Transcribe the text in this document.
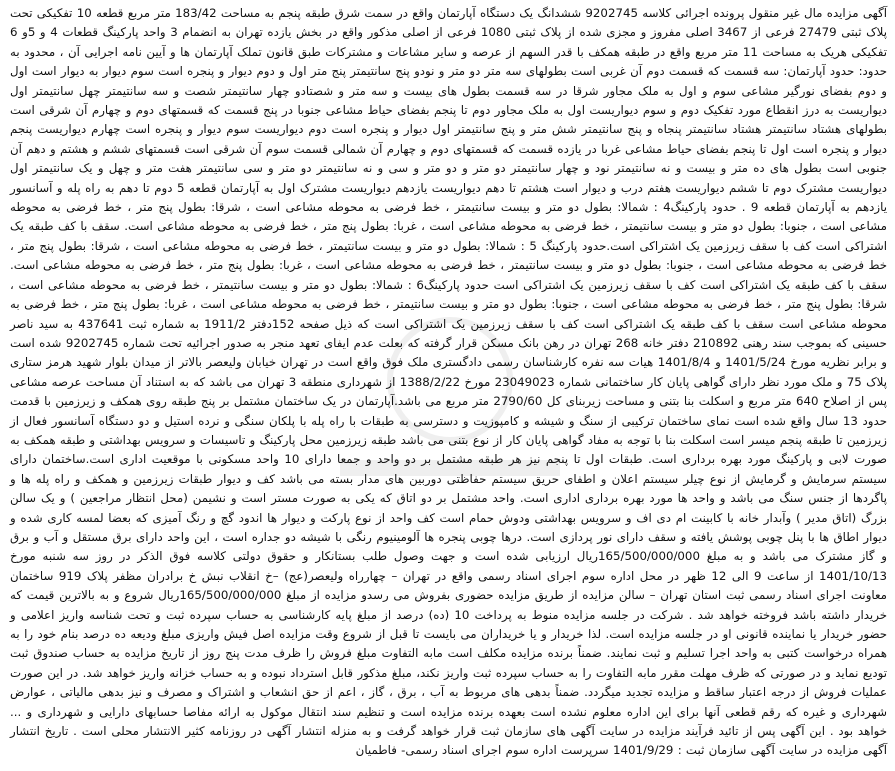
آگهی مزایده مال غیر منقول پرونده اجرائی کلاسه 9202745 ششدانگ یک دستگاه آپارتمان واقع در سمت شرق طبقه پنجم به مساحت 183/42 متر مربع قطعه 10 تفکیکی تحت پلاک ثبتی 27479 فرعی از 3467 اصلی مفروز و مجزی شده از پلاک ثبتی 1080 فرعی از اصلی مذکور واقع در بخش یازده تهران به انضمام 3 واحد پارکینگ قطعات 4 و 5و 6 تفکیکی هریک به مساحت 11 متر مربع واقع در طبقه همکف با قدر السهم از عرصه و سایر مشاعات و مشترکات طبق قانون تملک آپارتمان ها و آیین نامه اجرایی آن ، محدود به حدود: حدود آپارتمان: سه قسمت که قسمت دوم آن غربی است بطولهای سه متر دو متر و نودو پنج سانتیمتر پنج متر اول و دوم دیوار و پنجره است سوم دیوار به دیوار است اول و دوم بفضای نورگیر مشاعی سوم و اول به ملک مجاور شرقا در سه قسمت بطول های بیست و سه متر و شصتادو چهار سانتیمتر شصت و سه سانتیمتر چهل سانتیمتر اول دیواریست به درز انقطاع مورد تفکیک دوم و سوم دیواریست اول به ملک مجاور دوم تا پنجم بفضای حیاط مشاعی جنوبا در پنج قسمت که قسمتهای دوم و چهارم آن شرقی است بطولهای هشتاد سانتیمتر هشتاد سانتیمتر پنجاه و پنج سانتیمتر شش متر و پنج سانتیمتر اول دیوار و پنجره است دوم دیواریست سوم دیوار و پنجره است چهارم دیواریست پنجم دیوار و پنجره است اول تا پنجم بفضای حیاط مشاعی غربا در یازده قسمت که قسمتهای دوم و چهارم آن شمالی قسمت سوم آن شرقی است قسمتهای ششم و هشتم و دهم آن جنوبی است بطول های ده متر و بیست و نه سانتیمتر نود و چهار سانتیمتر دو متر و دو متر و سی و نه سانتیمتر دو متر و سی سانتیمتر هفت متر و چهل و یک سانتیمتر اول دیواریست مشترک دوم تا ششم دیواریست هفتم درب و دیوار است هشتم تا دهم دیواریست یازدهم دیواریست مشترک اول به آپارتمان قطعه 5 دوم تا دهم به راه پله و آسانسور یازدهم به آپارتمان قطعه 9 . حدود پارکینگ4 : شمالا: بطول دو متر و بیست سانتیمتر ، خط فرضی به محوطه مشاعی است ، شرقا: بطول پنج متر ، خط فرضی به محوطه مشاعی است ، جنوبا: بطول دو متر و بیست سانتیمتر ، خط فرضی به محوطه مشاعی است ، غربا: بطول پنج متر ، خط فرضی به محوطه مشاعی است. سقف با کف طبقه یک اشتراکی است کف با سقف زیرزمین یک اشتراکی است.حدود پارکینگ 5 : شمالا: بطول دو متر و بیست سانتیمتر ، خط فرضی به محوطه مشاعی است ، شرقا: بطول پنج متر ، خط فرضی به محوطه مشاعی است ، جنوبا: بطول دو متر و بیست سانتیمتر ، خط فرضی به محوطه مشاعی است ، غربا: بطول پنج متر ، خط فرضی به محوطه مشاعی است. سقف با کف طبقه یک اشتراکی است کف با سقف زیرزمین یک اشتراکی است حدود پارکینگ6 : شمالا: بطول دو متر و بیست سانتیمتر ، خط فرضی به محوطه مشاعی است ، شرقا: بطول پنج متر ، خط فرضی به محوطه مشاعی است ، جنوبا: بطول دو متر و بیست سانتیمتر ، خط فرضی به محوطه مشاعی است ، غربا: بطول پنج متر ، خط فرضی به محوطه مشاعی است سقف با کف طبقه یک اشتراکی است کف با سقف زیرزمین یک اشتراکی است که ذیل صفحه 152دفتر 1911/2 به شماره ثبت 437641 به سید ناصر حسینی که بموجب سند رهنی 210892 دفتر خانه 268 تهران در رهن بانک مسکن قرار گرفته که بعلت عدم ایفای تعهد منجر به صدور اجرائیه تحت شماره 9202745 شده است و برابر نظریه مورخ 1401/5/24 و 1401/8/4 هیات سه نفره کارشناسان رسمی دادگستری ملک فوق واقع است در تهران خیابان ولیعصر بالاتر از میدان بلوار شهید هرمز ستاری پلاک 75 و ملک مورد نظر دارای گواهی پایان کار ساختمانی شماره 23049023 مورخ 1388/2/22 از شهرداری منطقه 3 تهران می باشد که به استناد آن مساحت عرصه مشاعی پس از اصلاح 640 متر مربع و اسکلت بنا بتنی و مساحت زیربنای کل 2790/60 متر مربع می باشد.آپارتمان در یک ساختمان مشتمل بر پنج طبقه روی همکف و زیرزمین با قدمت حدود 13 سال واقع شده است نمای ساختمان ترکیبی از سنگ و شیشه و کامپوزیت و دسترسی به طبقات با راه پله با پلکان سنگی و نرده استیل و دو دستگاه آسانسور فعال از زیرزمین تا طبقه پنجم میسر است اسکلت بنا با توجه به مفاد گواهی پایان کار از نوع بتنی می باشد طبقه زیرزمین محل پارکینگ و تاسیسات و سرویس بهداشتی و طبقه همکف به صورت لابی و پارکینگ مورد بهره برداری است. طبقات اول تا پنجم نیز هر طبقه مشتمل بر دو واحد و جمعا دارای 10 واحد مسکونی با موقعیت اداری است.ساختمان دارای سیستم سرمایش و گرمایش از نوع چیلر سیستم اعلان و اطفای حریق سیستم حفاظتی دوربین های مدار بسته می باشد کف و دیوار طبقات زیرزمین و همکف و راه پله ها و پاگردها از جنس سنگ می باشد و واحد ها مورد بهره برداری اداری است. واحد مشتمل بر دو اتاق که یکی به صورت مستر است و نشیمن (محل انتظار مراجعین ) و یک سالن بزرگ (اتاق مدیر ) وآبدار خانه با کابینت ام دی اف و سرویس بهداشتی ودوش حمام است کف واحد از نوع پارکت و دیوار ها اندود گچ و رنگ آمیزی که بعضا لمسه کاری شده و دیوار اطاق ها با پنل چوبی پوشش یافته و سقف دارای نور پردازی است. درها چوبی پنجره ها آلومینیوم رنگی با شیشه دو جداره است ، این واحد دارای برق مستقل و آب و برق و گاز مشترک می باشد و به مبلغ 165/500/000/000ریال ارزیابی شده است و جهت وصول طلب بستانکار و حقوق دولتی کلاسه فوق الذکر در روز سه شنبه مورخ 1401/10/13 از ساعت 9 الی 12 ظهر در محل اداره سوم اجرای اسناد رسمی واقع در تهران – چهارراه ولیعصر(عج) –خ انقلاب نبش خ برادران مظفر پلاک 919 ساختمان معاونت اجرای اسناد رسمی ثبت استان تهران – سالن مزایده از طریق مزایده حضوری بفروش می رسدو مزایده از مبلغ 165/500/000/000ریال شروع و به بالاترین قیمت که خریدار داشته باشد فروخته خواهد شد . شرکت در جلسه مزایده منوط به پرداخت 10 (ده) درصد از مبلغ پایه کارشناسی به حساب سپرده ثبت و تحت شناسه واریز اعلامی و حضور خریدار یا نماینده قانونی او در جلسه مزایده است. لذا خریدار و یا خریداران می بایست تا قبل از شروع وقت مزایده اصل فیش واریزی مبلغ ودیعه ده درصد بنام خود را به همراه درخواست کتبی به واحد اجرا تسلیم و ثبت نمایند. ضمناً برنده مزایده مکلف است مابه التفاوت مبلغ فروش را ظرف مدت پنج روز از تاریخ مزایده به حساب صندوق ثبت تودیع نماید و در صورتی که ظرف مهلت مقرر مابه التفاوت را به حساب سپرده ثبت واریز نکند، مبلغ مذکور قابل استرداد نبوده و به حساب خزانه واریز خواهد شد. در این صورت عملیات فروش از درجه اعتبار ساقط و مزایده تجدید میگردد. ضمناً بدهی های مربوط به آب ، برق ، گاز ، اعم از حق انشعاب و اشتراک و مصرف و نیز بدهی مالیاتی ، عوارض شهرداری و غیره که رقم قطعی آنها برای این اداره معلوم نشده است بعهده برنده مزایده است و تنظیم سند انتقال موکول به ارائه مفاصا حسابهای دارایی و شهرداری و ... خواهد بود . این آگهی پس از تائید فرآیند مزایده در سایت آگهی های سازمان ثبت قرار خواهد گرفت و به منزله انتشار آگهی در روزنامه کثیر الانتشار محلی است . تاریخ انتشار آگهی مزایده در سایت آگهی سازمان ثبت : 1401/9/29 سرپرست اداره سوم اجرای اسناد رسمی- فاطمیان
